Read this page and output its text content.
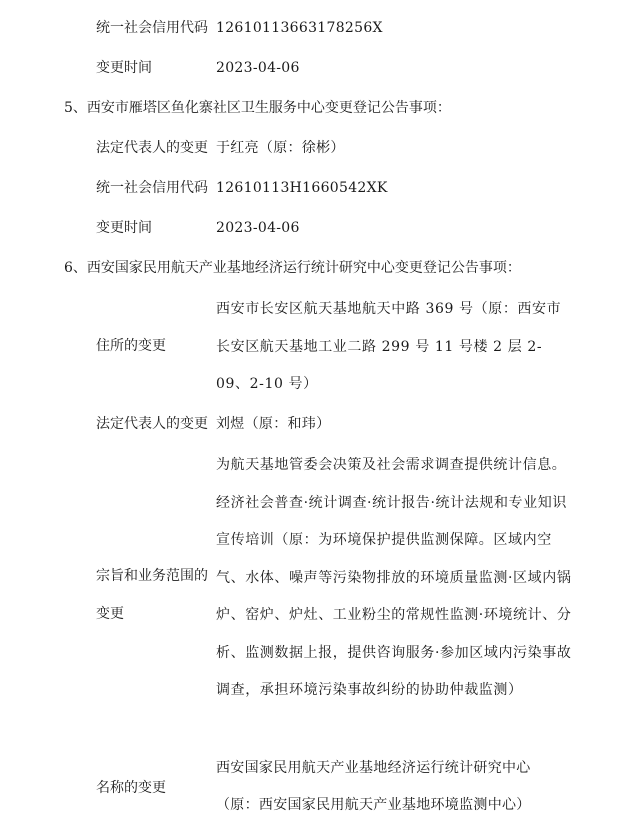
统一社会信用代码 12610113663178256X
变更时间	2023-04-06
5、西安市雁塔区鱼化寨社区卫生服务中心变更登记公告事项：
法定代表人的变更 于红亮（原：徐彬）
统一社会信用代码 12610113H1660542XK
变更时间	2023-04-06
6、西安国家民用航天产业基地经济运行统计研究中心变更登记公告事项：
住所的变更
西安市长安区航天基地航天中路 369 号（原：西安市长安区航天基地工业二路 299 号 11 号楼 2 层 2-09、2-10 号）
法定代表人的变更 刘煜（原：和玮）
宗旨和业务范围的
变更
为航天基地管委会决策及社会需求调查提供统计信息。经济社会普查·统计调查·统计报告·统计法规和专业知识宣传培训（原：为环境保护提供监测保障。区域内空气、水体、噪声等污染物排放的环境质量监测·区域内锅炉、窑炉、炉灶、工业粉尘的常规性监测·环境统计、分析、监测数据上报，提供咨询服务·参加区域内污染事故调查，承担环境污染事故纠纷的协助仲裁监测）
名称的变更
西安国家民用航天产业基地经济运行统计研究中心
（原：西安国家民用航天产业基地环境监测中心）
